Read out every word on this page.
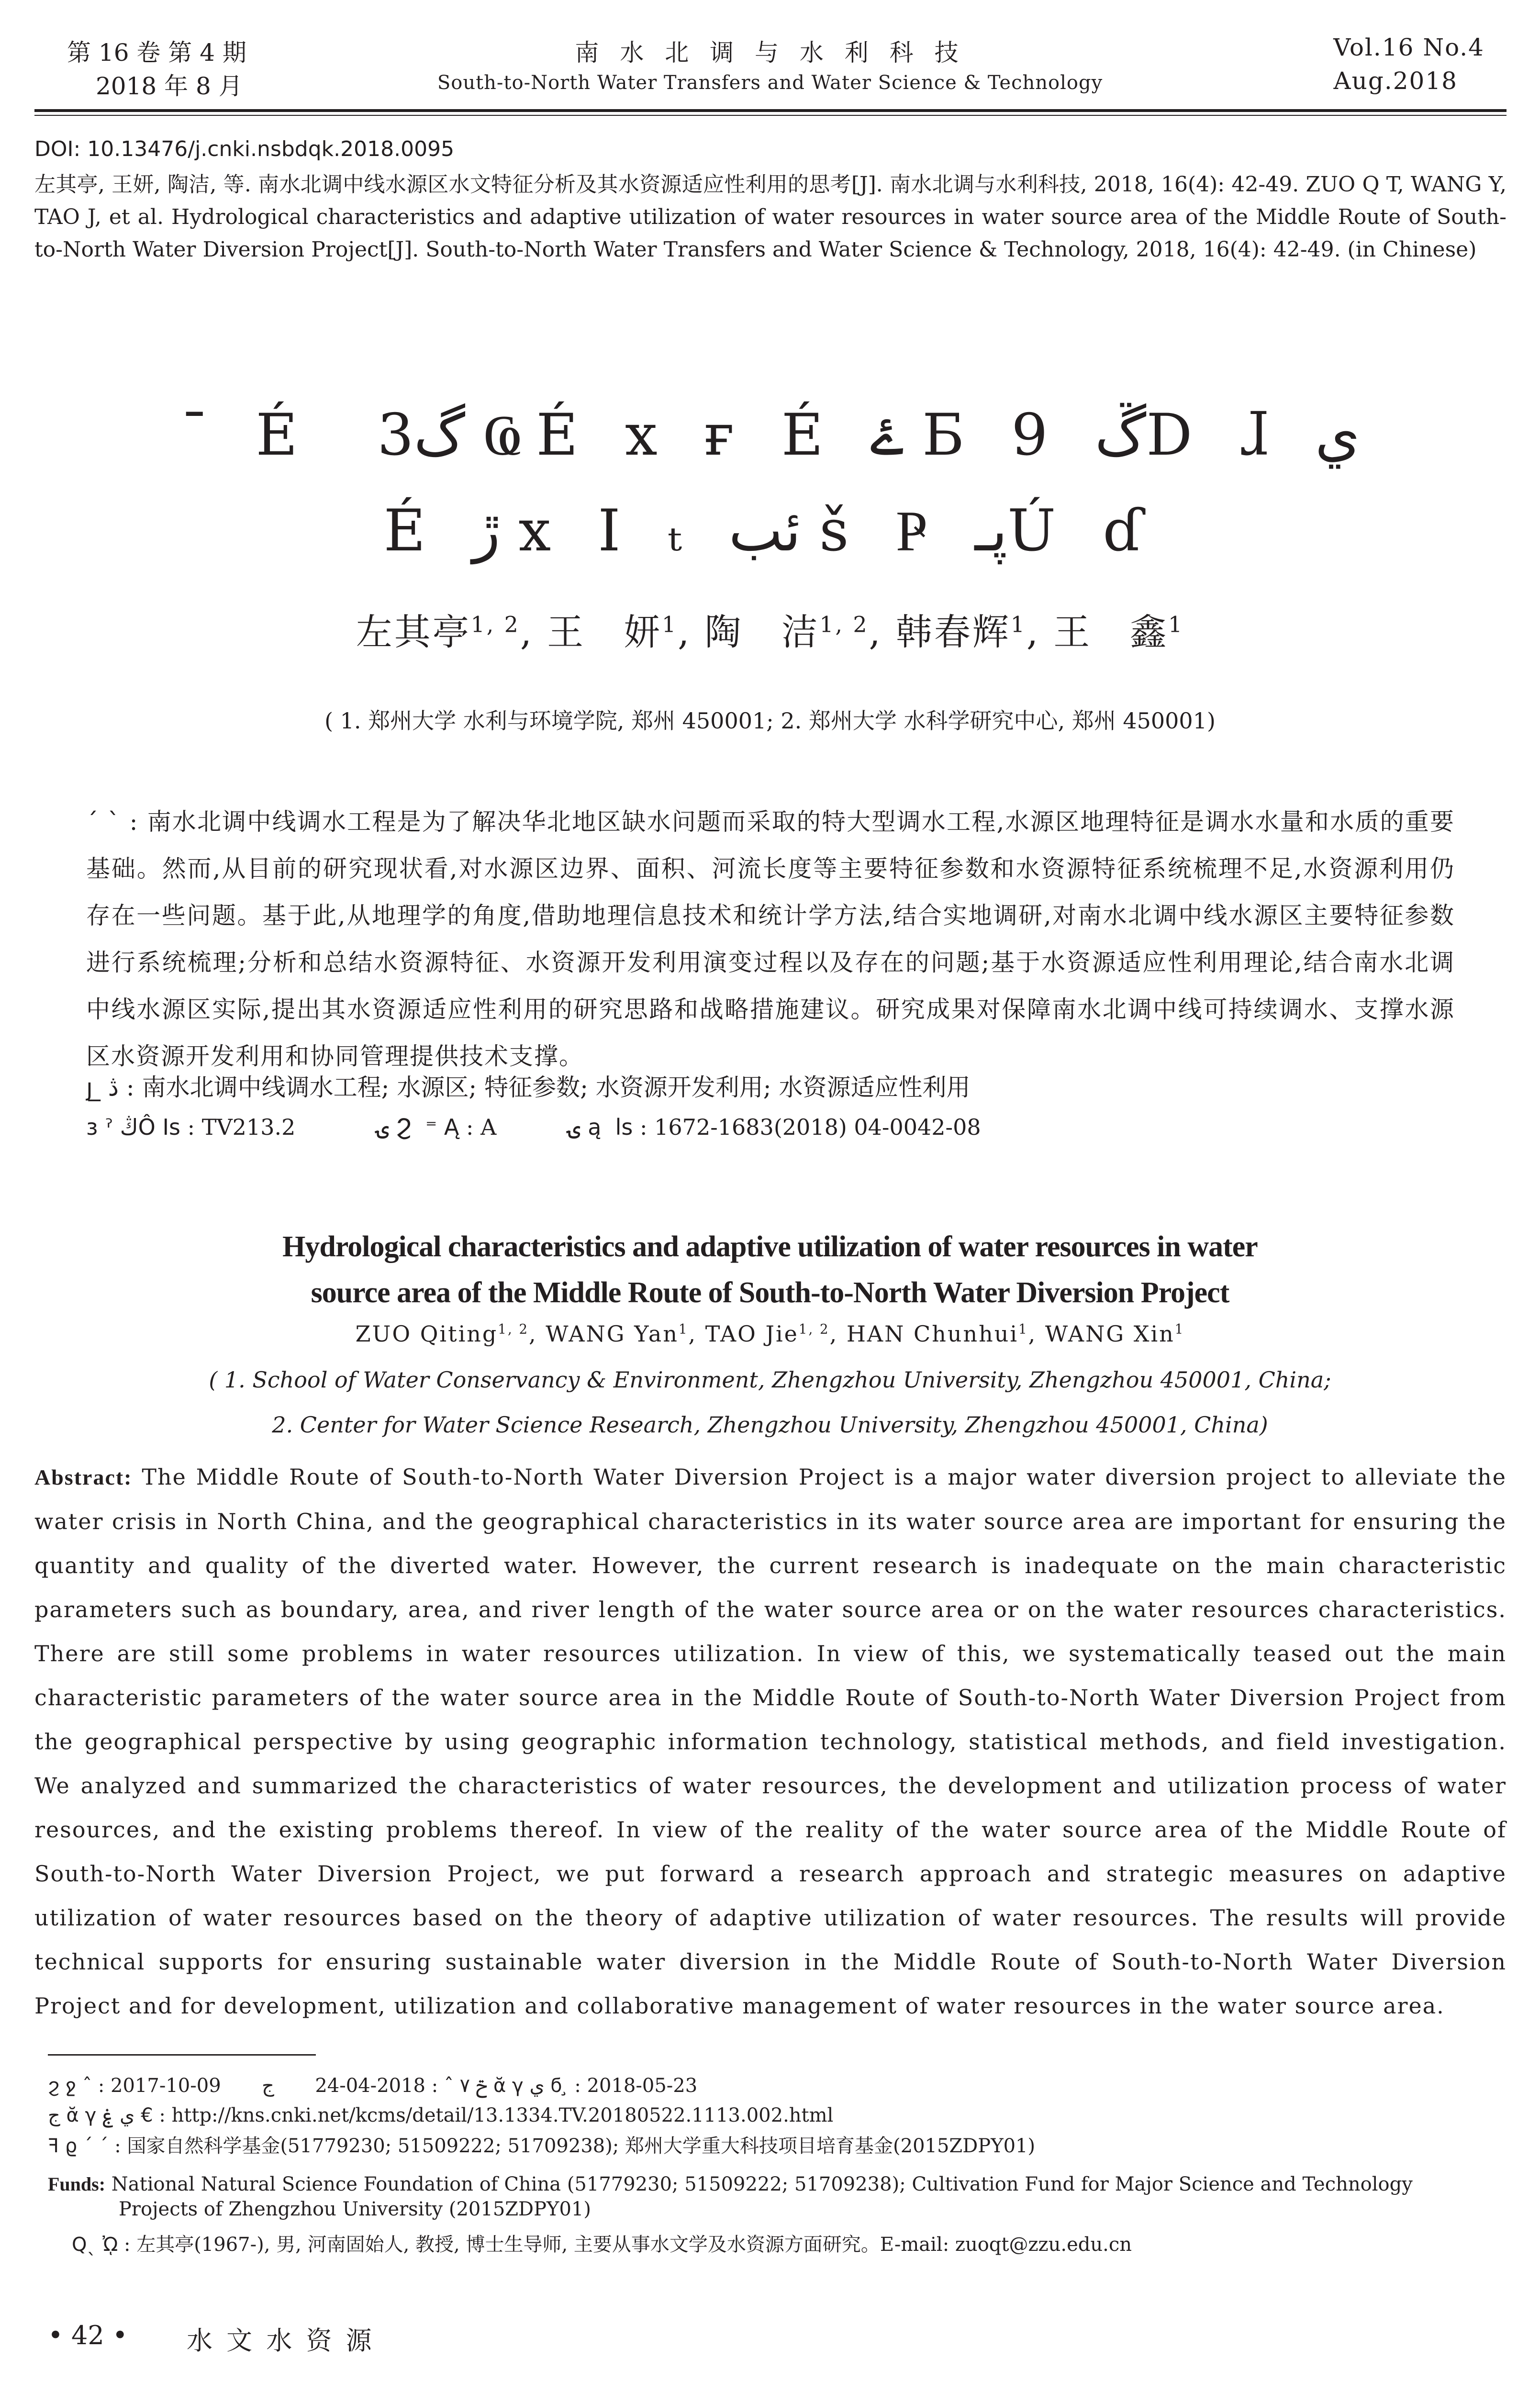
第 16 卷 第 4 期
2018 年 8 月
南 水 北 调 与 水 利 科 技
South-to-North Water Transfers and Water Science & Technology
Vol.16 No.4
Aug.2018
DOI: 10.13476/j.cnki.nsbdqk.2018.0095
左其亭, 王妍, 陶洁, 等. 南水北调中线水源区水文特征分析及其水资源适应性利用的思考[J]. 南水北调与水利科技, 2018, 16(4): 42-49. ZUO Q T, WANG Y, TAO J, et al. Hydrological characteristics and adaptive utilization of water resources in water source area of the Middle Route of South-to-North Water Diversion Project[J]. South-to-North Water Transfers and Water Science & Technology, 2018, 16(4): 42-49. (in Chinese)
¯ É ￼ گ3 ҨÉ x ғ É ۓ Б 9 ڱD ɺ ي
É ڙ x I ₜ ئب š Ҏ پـÚ ɗ
左其亭$^{1, 2}$, 王　妍$^1$, 陶　洁$^{1, 2}$, 韩春辉$^1$, 王　鑫$^1$
( 1. 郑州大学 水利与环境学院, 郑州 450001; 2. 郑州大学 水科学研究中心, 郑州 450001)
ˊ ˋ : 南水北调中线调水工程是为了解决华北地区缺水问题而采取的特大型调水工程,水源区地理特征是调水水量和水质的重要基础。然而,从目前的研究现状看,对水源区边界、面积、河流长度等主要特征参数和水资源特征系统梳理不足,水资源利用仍存在一些问题。基于此,从地理学的角度,借助地理信息技术和统计学方法,结合实地调研,对南水北调中线水源区主要特征参数进行系统梳理;分析和总结水资源特征、水资源开发利用演变过程以及存在的问题;基于水资源适应性利用理论,结合南水北调中线水源区实际,提出其水资源适应性利用的研究思路和战略措施建议。研究成果对保障南水北调中线可持续调水、支撑水源区水资源开发利用和协同管理提供技术支撑。
ȷ ̲ ڎ : 南水北调中线调水工程; 水源区; 特征参数; 水资源开发利用; 水资源适应性利用
ɜ ˀ ڭÔ Is : TV213.2	ۍ Ϩ ￼ ⁼ Ą : A	ۍ ą ￼ ls : 1672-1683(2018) 04-0042-08
Hydrological characteristics and adaptive utilization of water resources in water
source area of the Middle Route of South-to-North Water Diversion Project
ZUO Qiting$^{1, 2}$, WANG Yan$^1$, TAO Jie$^{1, 2}$, HAN Chunhui$^1$, WANG Xin$^1$
( 1. School of Water Conservancy & Environment, Zhengzhou University, Zhengzhou 450001, China;
2. Center for Water Science Research, Zhengzhou University, Zhengzhou 450001, China)
Abstract: The Middle Route of South-to-North Water Diversion Project is a major water diversion project to alleviate the water crisis in North China, and the geographical characteristics in its water source area are important for ensuring the quantity and quality of the diverted water. However, the current research is inadequate on the main characteristic parameters such as boundary, area, and river length of the water source area or on the water resources characteristics. There are still some problems in water resources utilization. In view of this, we systematically teased out the main characteristic parameters of the water source area in the Middle Route of South-to-North Water Diversion Project from the geographical perspective by using geographic information technology, statistical methods, and field investigation. We analyzed and summarized the characteristics of water resources, the development and utilization process of water resources, and the existing problems thereof. In view of the reality of the water source area of the Middle Route of South-to-North Water Diversion Project, we put forward a research approach and strategic measures on adaptive utilization of water resources based on the theory of adaptive utilization of water resources. The results will provide technical supports for ensuring sustainable water diversion in the Middle Route of South-to-North Water Diversion Project and for development, utilization and collaborative management of water resources in the water source area.
ϩ ջ ˆ : 2017-10-09	ݗ ۷ ˆ : 2018-04-24  ج ᾰ γ ي ϭ ̧ : 2018-05-23
ج ᾰ γ ي ۼ € : http://kns.cnki.net/kcms/detail/13.1334.TV.20180522.1113.002.html
ꟻ ϱ ˊ ˊ : 国家自然科学基金(51779230; 51509222; 51709238); 郑州大学重大科技项目培育基金(2015ZDPY01)
Funds: National Natural Science Foundation of China (51779230; 51509222; 51709238); Cultivation Fund for Major Science and Technology
Projects of Zhengzhou University (2015ZDPY01)
Qˎ ᾨ : 左其亭(1967-), 男, 河南固始人, 教授, 博士生导师, 主要从事水文学及水资源方面研究。E-mail: zuoqt@zzu.edu.cn
• 42 • 水 文 水 资 源
